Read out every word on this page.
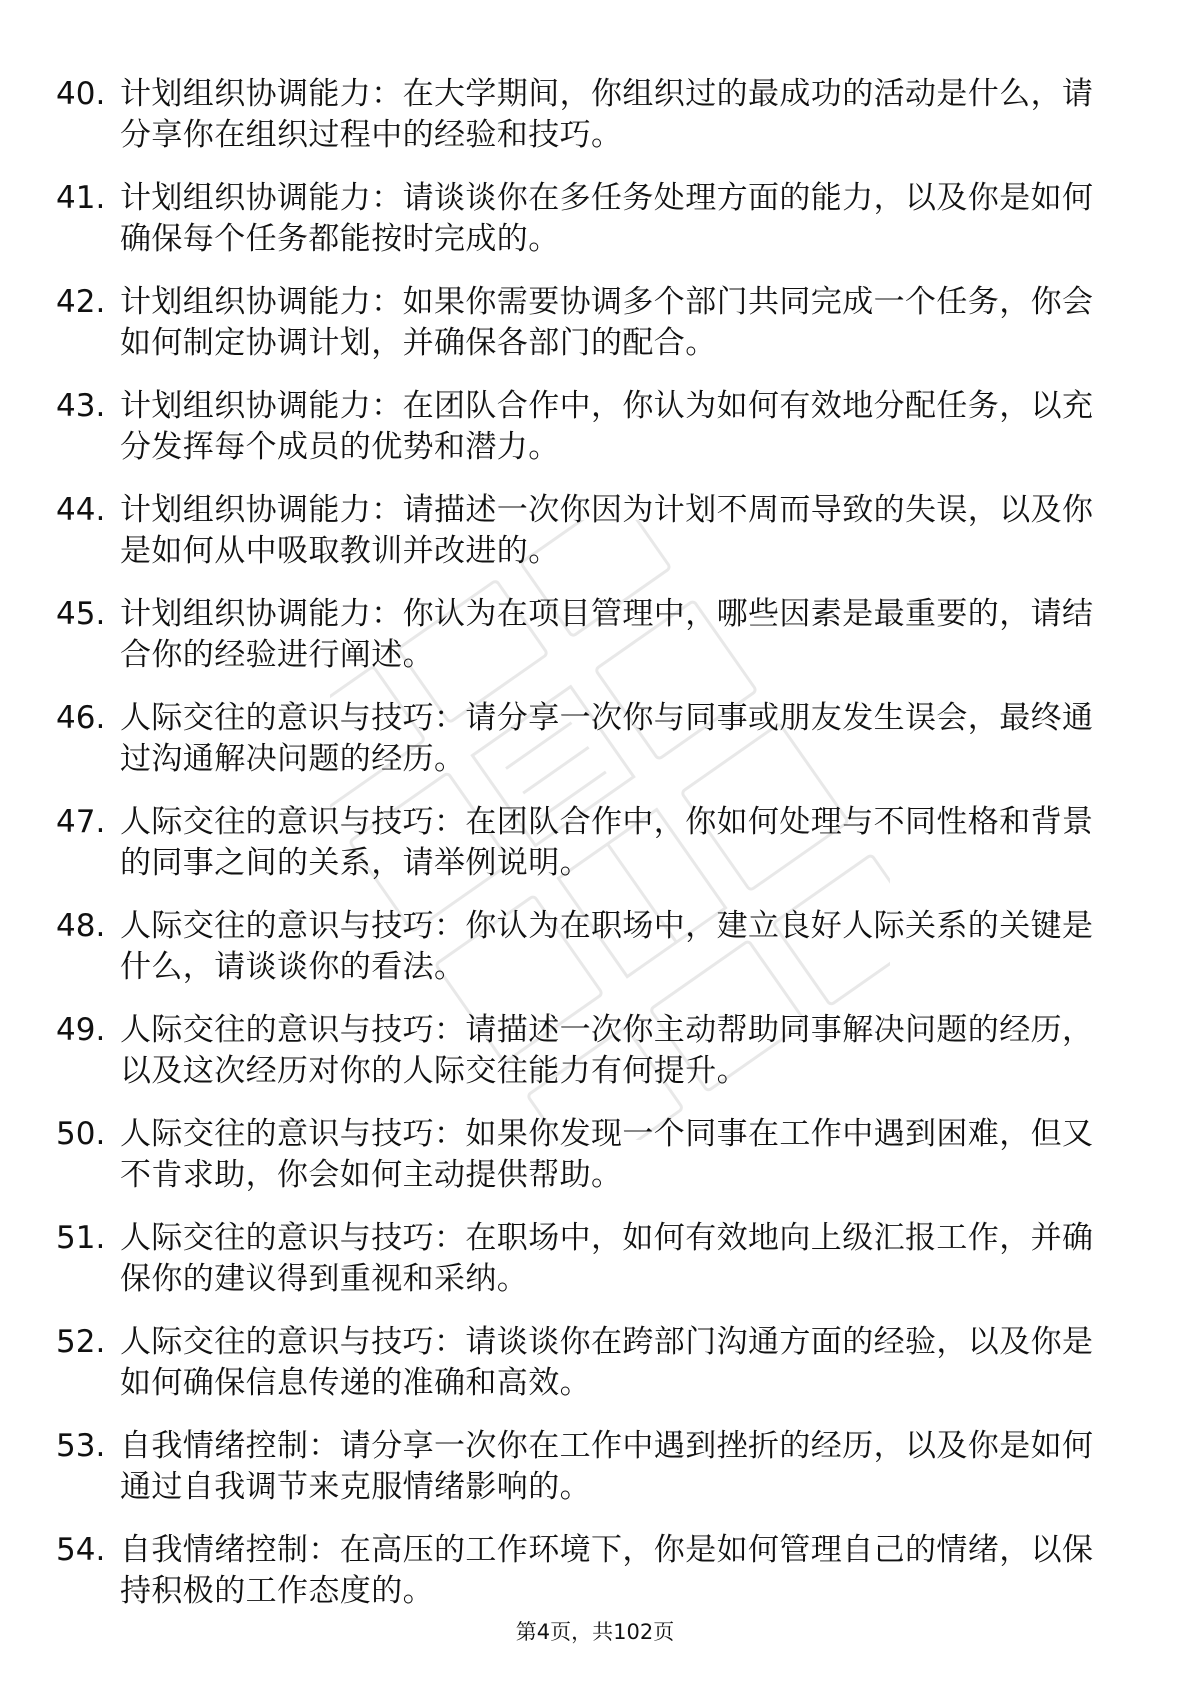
40. 计划组织协调能力：在大学期间，你组织过的最成功的活动是什么，请分享你在组织过程中的经验和技巧。
41. 计划组织协调能力：请谈谈你在多任务处理方面的能力，以及你是如何确保每个任务都能按时完成的。
42. 计划组织协调能力：如果你需要协调多个部门共同完成一个任务，你会如何制定协调计划，并确保各部门的配合。
43. 计划组织协调能力：在团队合作中，你认为如何有效地分配任务，以充分发挥每个成员的优势和潜力。
44. 计划组织协调能力：请描述一次你因为计划不周而导致的失误，以及你是如何从中吸取教训并改进的。
45. 计划组织协调能力：你认为在项目管理中，哪些因素是最重要的，请结合你的经验进行阐述。
46. 人际交往的意识与技巧：请分享一次你与同事或朋友发生误会，最终通过沟通解决问题的经历。
47. 人际交往的意识与技巧：在团队合作中，你如何处理与不同性格和背景的同事之间的关系，请举例说明。
48. 人际交往的意识与技巧：你认为在职场中，建立良好人际关系的关键是什么，请谈谈你的看法。
49. 人际交往的意识与技巧：请描述一次你主动帮助同事解决问题的经历，以及这次经历对你的人际交往能力有何提升。
50. 人际交往的意识与技巧：如果你发现一个同事在工作中遇到困难，但又不肯求助，你会如何主动提供帮助。
51. 人际交往的意识与技巧：在职场中，如何有效地向上级汇报工作，并确保你的建议得到重视和采纳。
52. 人际交往的意识与技巧：请谈谈你在跨部门沟通方面的经验，以及你是如何确保信息传递的准确和高效。
53. 自我情绪控制：请分享一次你在工作中遇到挫折的经历，以及你是如何通过自我调节来克服情绪影响的。
54. 自我情绪控制：在高压的工作环境下，你是如何管理自己的情绪，以保持积极的工作态度的。
第4页，共102页
